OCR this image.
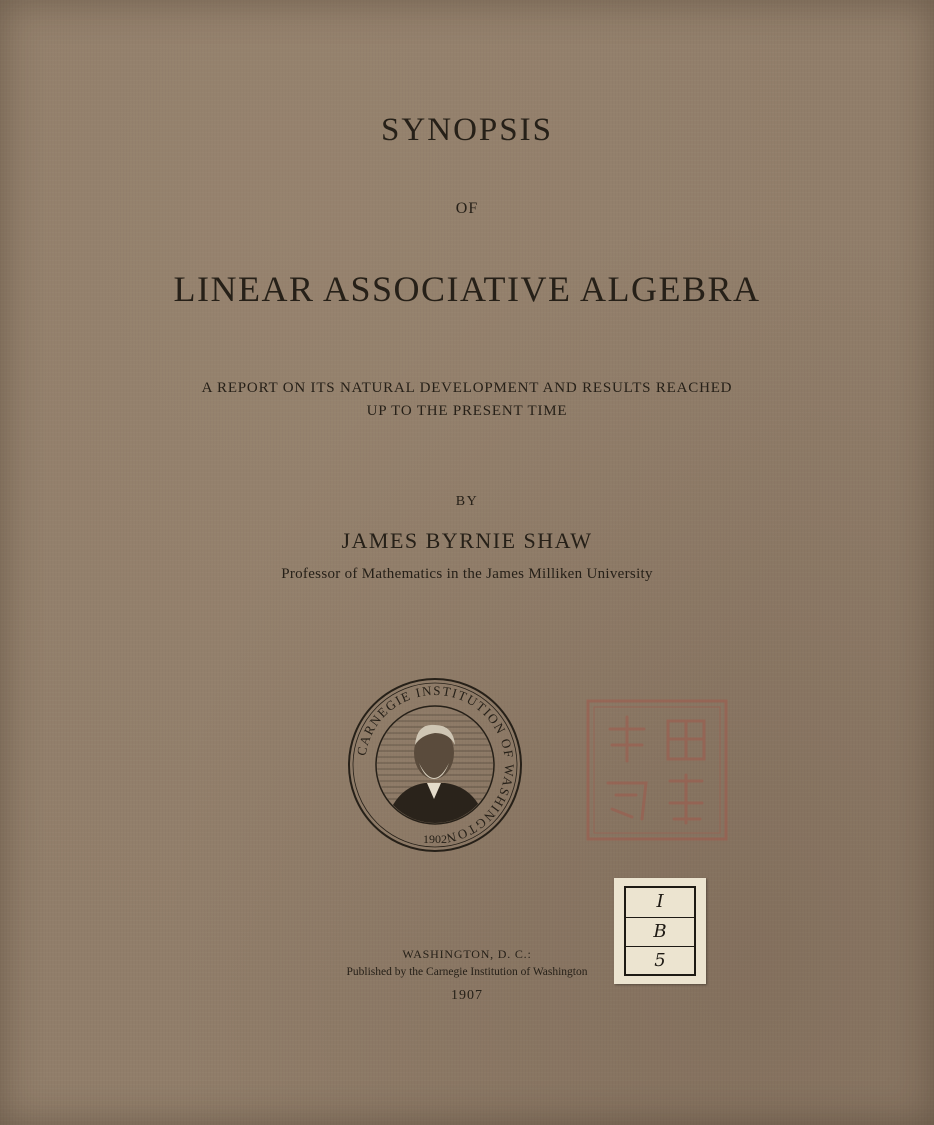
SYNOPSIS
OF
LINEAR ASSOCIATIVE ALGEBRA
A REPORT ON ITS NATURAL DEVELOPMENT AND RESULTS REACHED
UP TO THE PRESENT TIME
BY
JAMES BYRNIE SHAW
Professor of Mathematics in the James Milliken University
CARNEGIE INSTITUTION OF WASHINGTON
1902
I
B
5
WASHINGTON, D. C.:
Published by the Carnegie Institution of Washington
1907
